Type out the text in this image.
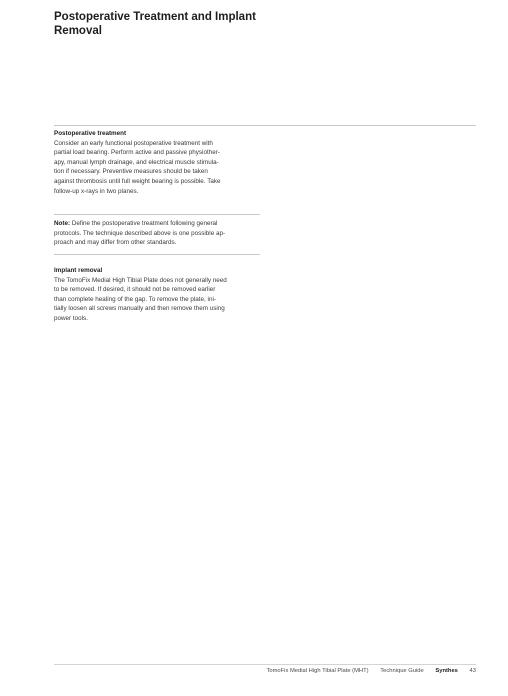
Postoperative Treatment and Implant
Removal
Postoperative treatment
Consider an early functional postoperative treatment with
partial load bearing. Perform active and passive physiother-
apy, manual lymph drainage, and electrical muscle stimula-
tion if necessary. Preventive measures should be taken
against thrombosis until full weight bearing is possible. Take
follow-up x-rays in two planes.
Note: Define the postoperative treatment following general
protocols. The technique described above is one possible ap-
proach and may differ from other standards.
Implant removal
The TomoFix Medial High Tibial Plate does not generally need
to be removed. If desired, it should not be removed earlier
than complete healing of the gap. To remove the plate, ini-
tially loosen all screws manually and then remove them using
power tools.
TomoFix Medial High Tibial Plate (MHT) Technique Guide Synthes 43
